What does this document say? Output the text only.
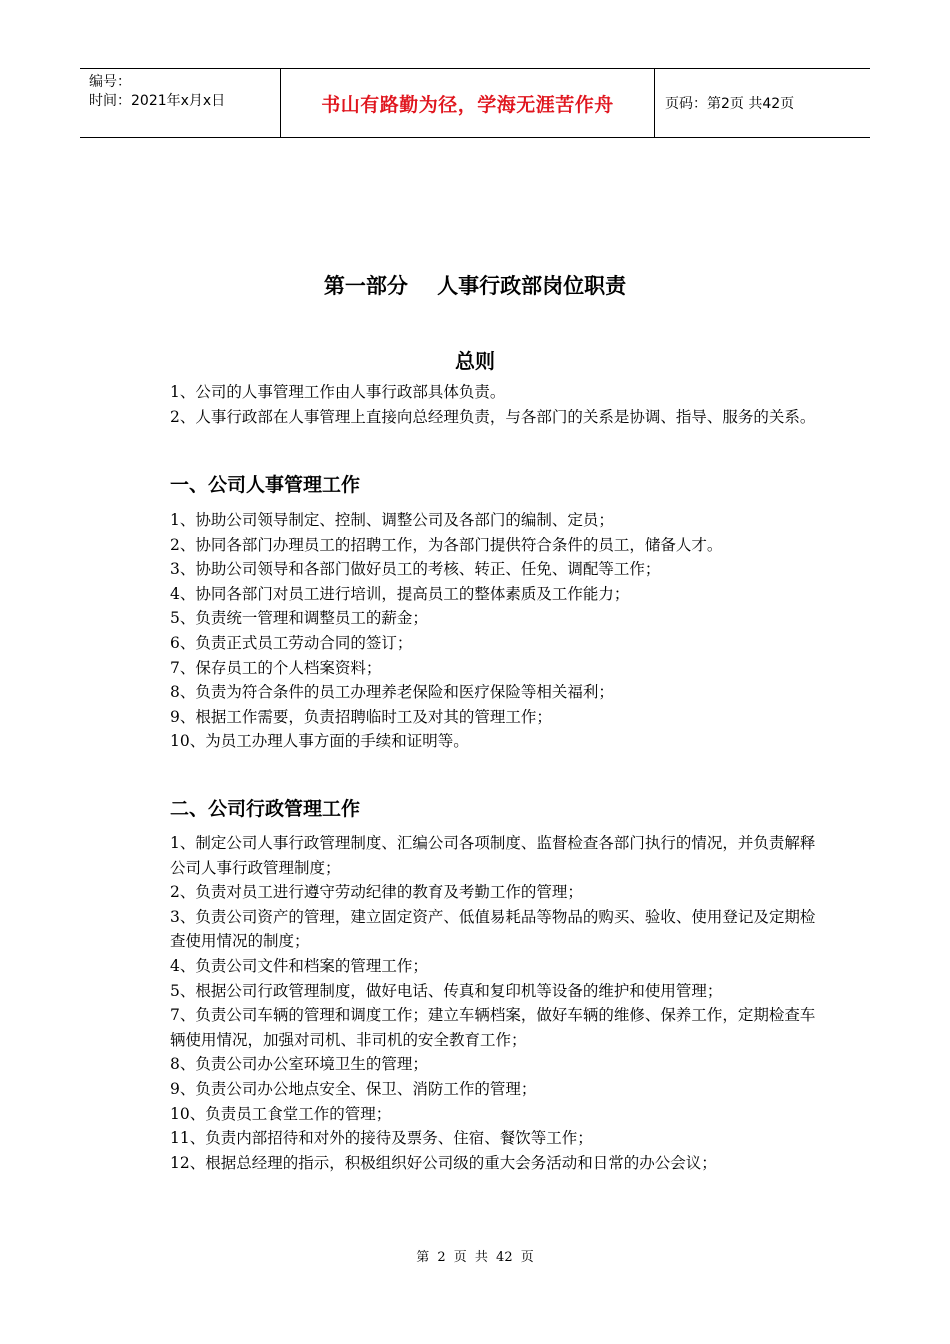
编号：
时间：2021年x月x日	书山有路勤为径，学海无涯苦作舟	页码：第2页 共42页
第一部分    人事行政部岗位职责
总则

1、公司的人事管理工作由人事行政部具体负责。

2、人事行政部在人事管理上直接向总经理负责，与各部门的关系是协调、指导、服务的关系。

一、公司人事管理工作

1、协助公司领导制定、控制、调整公司及各部门的编制、定员；

2、协同各部门办理员工的招聘工作，为各部门提供符合条件的员工，储备人才。

3、协助公司领导和各部门做好员工的考核、转正、任免、调配等工作；

4、协同各部门对员工进行培训，提高员工的整体素质及工作能力；

5、负责统一管理和调整员工的薪金；

6、负责正式员工劳动合同的签订；

7、保存员工的个人档案资料；

8、负责为符合条件的员工办理养老保险和医疗保险等相关福利；

9、根据工作需要，负责招聘临时工及对其的管理工作；

10、为员工办理人事方面的手续和证明等。

二、公司行政管理工作

1、制定公司人事行政管理制度、汇编公司各项制度、监督检查各部门执行的情况，并负责解释公司人事行政管理制度；

2、负责对员工进行遵守劳动纪律的教育及考勤工作的管理；

3、负责公司资产的管理，建立固定资产、低值易耗品等物品的购买、验收、使用登记及定期检查使用情况的制度；

4、负责公司文件和档案的管理工作；

5、根据公司行政管理制度，做好电话、传真和复印机等设备的维护和使用管理；

7、负责公司车辆的管理和调度工作；建立车辆档案，做好车辆的维修、保养工作，定期检查车辆使用情况，加强对司机、非司机的安全教育工作；

8、负责公司办公室环境卫生的管理；

9、负责公司办公地点安全、保卫、消防工作的管理；

10、负责员工食堂工作的管理；

11、负责内部招待和对外的接待及票务、住宿、餐饮等工作；

12、根据总经理的指示，积极组织好公司级的重大会务活动和日常的办公会议；

第 2 页 共 42 页
